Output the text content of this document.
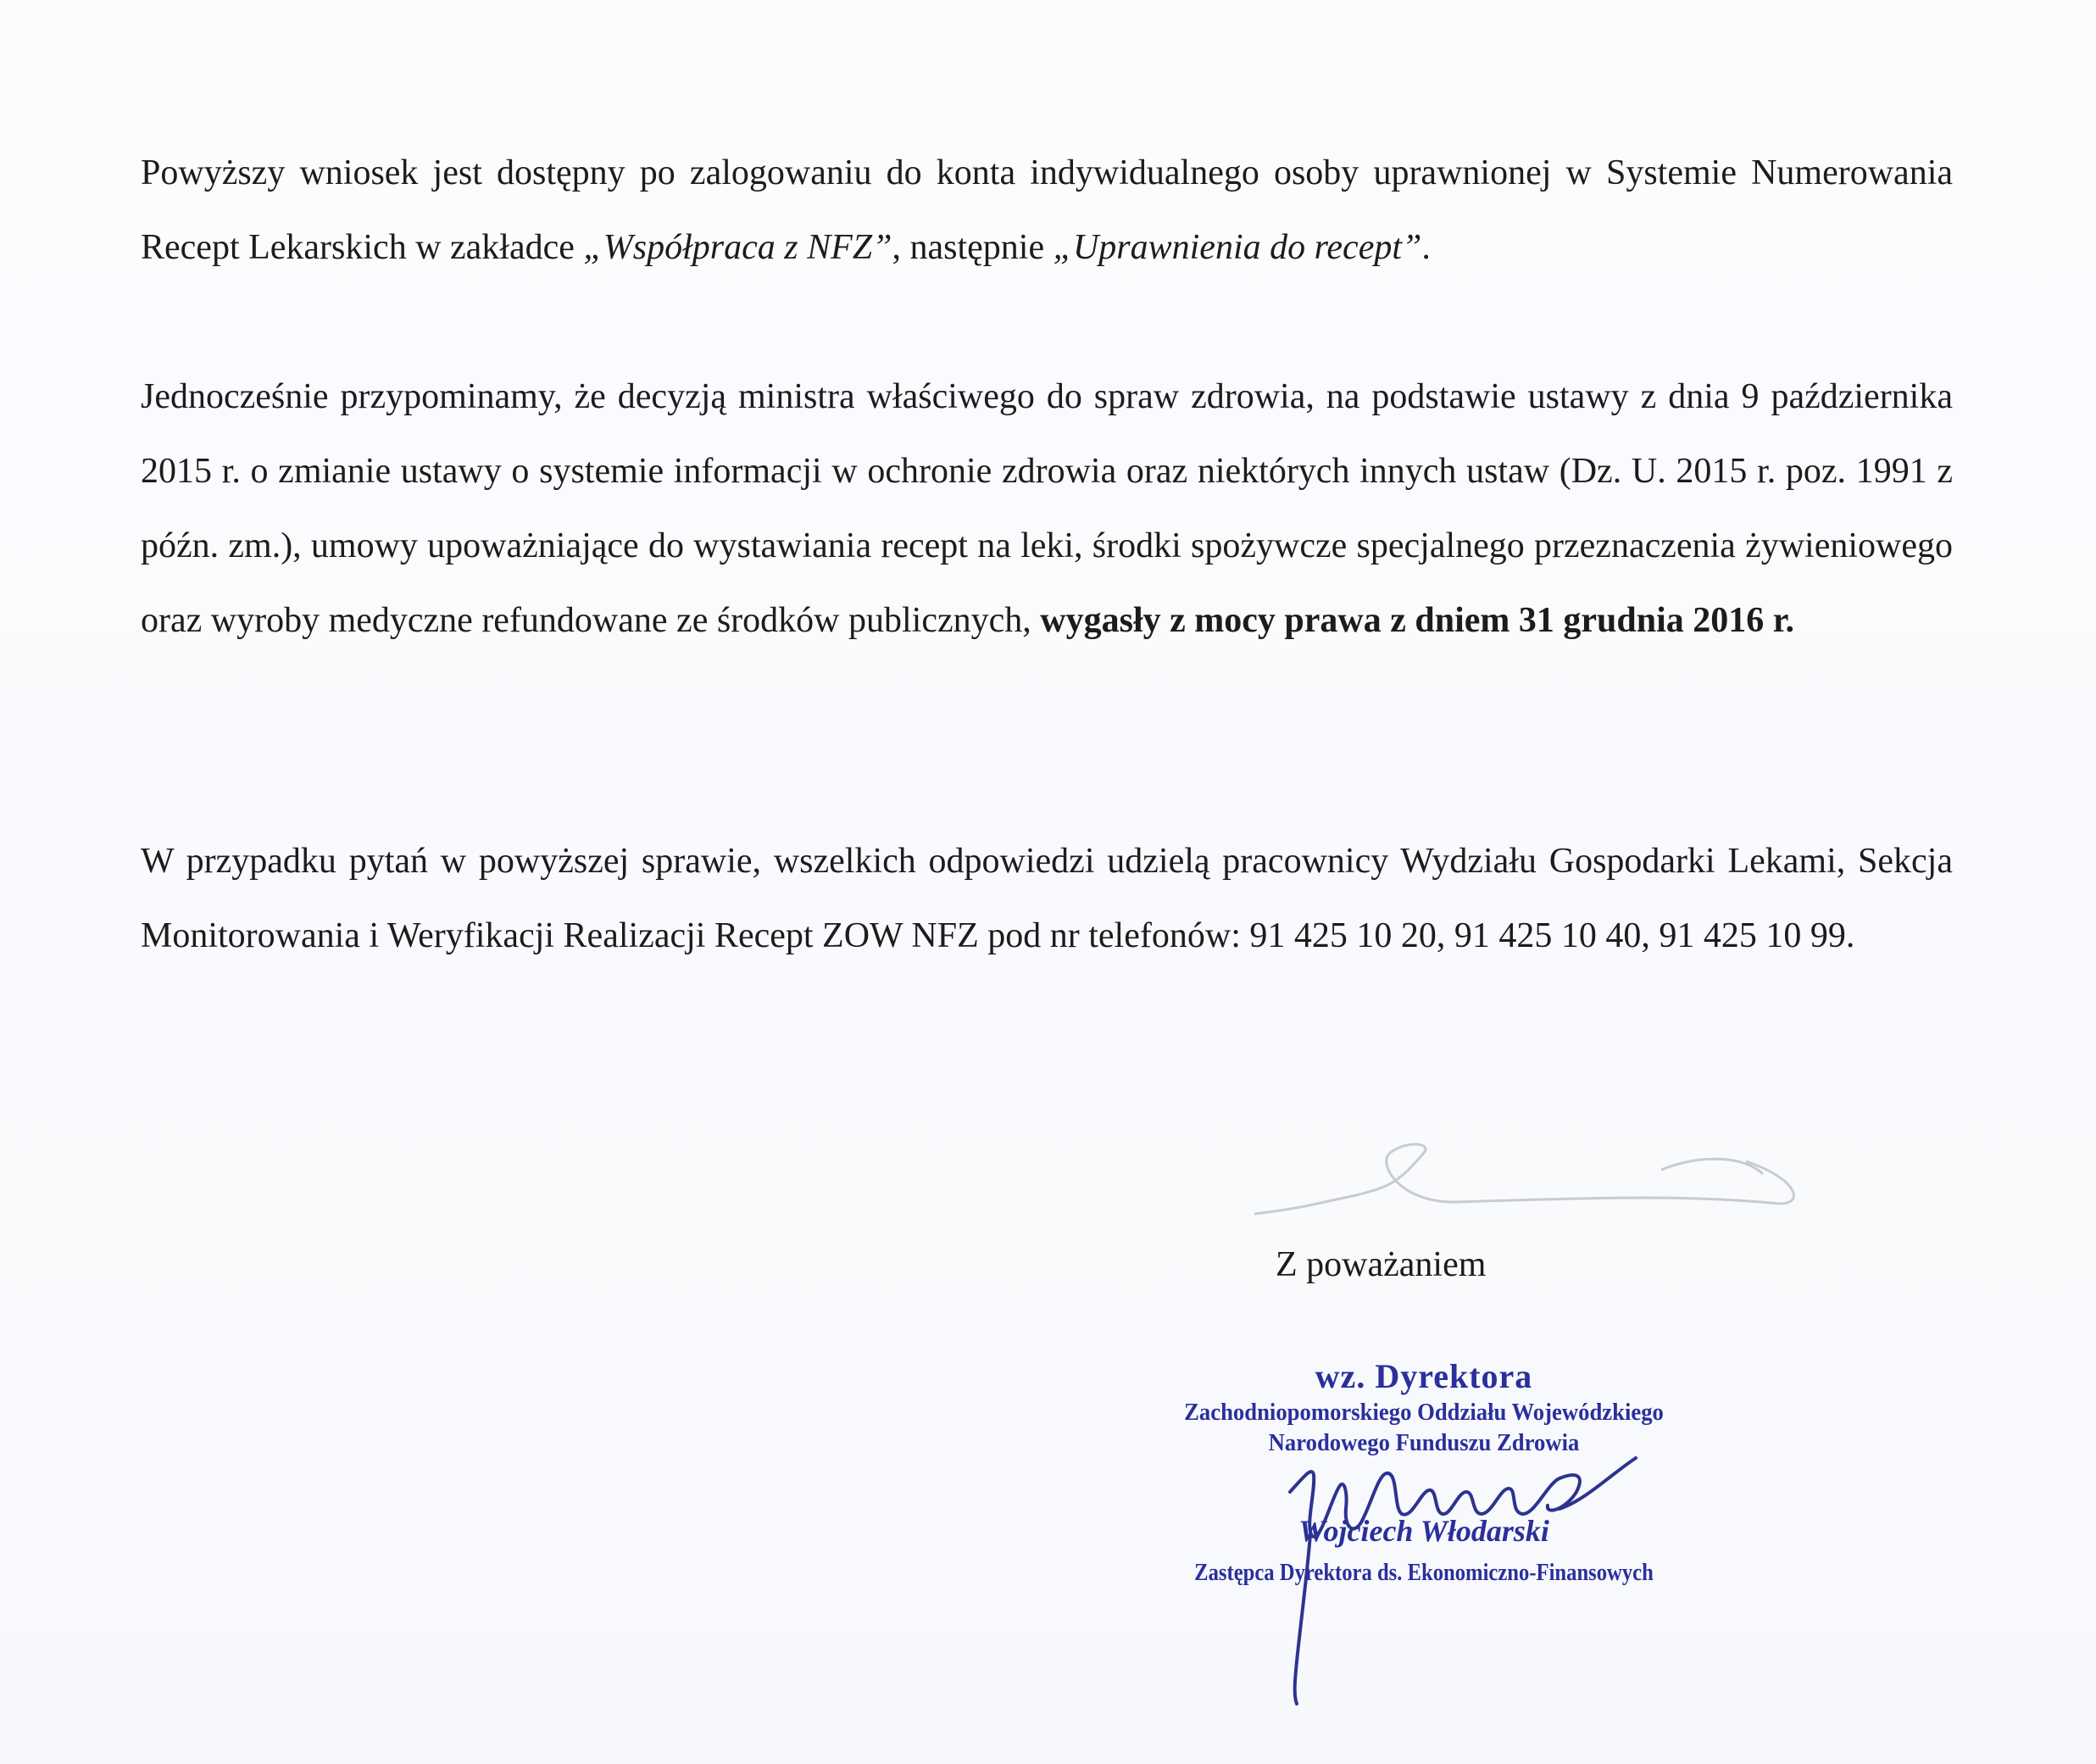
Powyższy wniosek jest dostępny po zalogowaniu do konta indywidualnego osoby uprawnionej w Systemie Numerowania Recept Lekarskich w zakładce „Współpraca z NFZ”, następnie „Uprawnienia do recept”.

Jednocześnie przypominamy, że decyzją ministra właściwego do spraw zdrowia, na podstawie ustawy z dnia 9 października 2015 r. o zmianie ustawy o systemie informacji w ochronie zdrowia oraz niektórych innych ustaw (Dz. U. 2015 r. poz. 1991 z późn. zm.), umowy upoważniające do wystawiania recept na leki, środki spożywcze specjalnego przeznaczenia żywieniowego oraz wyroby medyczne refundowane ze środków publicznych, wygasły z mocy prawa z dniem 31 grudnia 2016 r.

W przypadku pytań w powyższej sprawie, wszelkich odpowiedzi udzielą pracownicy Wydziału Gospodarki Lekami, Sekcja Monitorowania i Weryfikacji Realizacji Recept ZOW NFZ pod nr telefonów: 91 425 10 20, 91 425 10 40, 91 425 10 99.

Z poważaniem
wz. Dyrektora
Zachodniopomorskiego Oddziału Wojewódzkiego
Narodowego Funduszu Zdrowia
Wojciech Włodarski
Zastępca Dyrektora ds. Ekonomiczno-Finansowych
